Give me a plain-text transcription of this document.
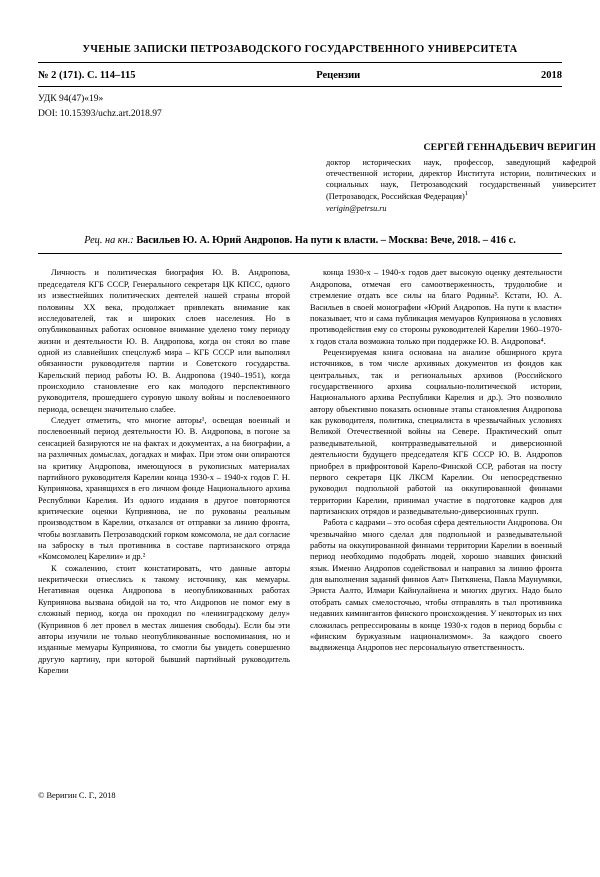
УЧЕНЫЕ ЗАПИСКИ ПЕТРОЗАВОДСКОГО ГОСУДАРСТВЕННОГО УНИВЕРСИТЕТА
№ 2 (171). С. 114–115	Рецензии	2018
УДК 94(47)«19»
DOI: 10.15393/uchz.art.2018.97
СЕРГЕЙ ГЕННАДЬЕВИЧ ВЕРИГИН
доктор исторических наук, профессор, заведующий кафедрой отечественной истории, директор Института истории, политических и социальных наук, Петрозаводский государственный университет (Петрозаводск, Российская Федерация)$^1$
verigin@petrsu.ru
Рец. на кн.: Васильев Ю. А. Юрий Андропов. На пути к власти. – Москва: Вече, 2018. – 416 с.

Личность и политическая биография Ю. В. Андропова, председателя КГБ СССР, Генерального секретаря ЦК КПСС, одного из известнейших политических деятелей нашей страны второй половины XX века, продолжает привлекать внимание как исследователей, так и широких слоев населения. Но в опубликованных работах основное внимание уделено тому периоду жизни и деятельности Ю. В. Андропова, когда он стоял во главе одной из славнейших спецслужб мира – КГБ СССР или выполнял обязанности руководителя партии и Советского государства. Карельский период работы Ю. В. Андропова (1940–1951), когда происходило становление его как молодого перспективного руководителя, прошедшего суровую школу войны и послевоенного периода, освещен значительно слабее.

Следует отметить, что многие авторы¹, освещая военный и послевоенный период деятельности Ю. В. Андропова, в погоне за сенсацией базируются не на фактах и документах, а на биографии, а на различных домыслах, догадках и мифах. При этом они опираются на критику Андропова, имеющуюся в рукописных материалах партийного руководителя Карелии конца 1930-х – 1940-х годов Г. Н. Куприянова, хранящихся в его личном фонде Национального архива Республики Карелия. Из одного издания в другое повторяются критические оценки Куприянова, не по рукованы реальным производством в Карелии, отказался от отправки за линию фронта, чтобы возглавить Петрозаводский горком комсомола, не дал согласие на заброску в тыл противника в составе партизанского отряда «Комсомолец Карелии» и др.²

К сожалению, стоит констатировать, что данные авторы некритически отнеслись к такому источнику, как мемуары. Негативная оценка Андропова в неопубликованных работах Куприянова вызвана обидой на то, что Андропов не помог ему в сложный период, когда он проходил по «ленинградскому делу» (Куприянов 6 лет провел в местах лишения свободы). Если бы эти авторы изучили не только неопубликованные воспоминания, но и изданные мемуары Куприянова, то смогли бы увидеть совершенно другую картину, при которой бывший партийный руководитель Карелии

конца 1930-х – 1940-х годов дает высокую оценку деятельности Андропова, отмечая его самоотверженность, трудолюбие и стремление отдать все силы на благо Родины³. Кстати, Ю. А. Васильев в своей монографии «Юрий Андропов. На пути к власти» показывает, что и сама публикация мемуаров Куприянова в условиях противодействия ему со стороны руководителей Карелии 1960–1970-х годов стала возможна только при поддержке Ю. В. Андропова⁴.

Рецензируемая книга основана на анализе обширного круга источников, в том числе архивных документов из фондов как центральных, так и региональных архивов (Российского государственного архива социально-политической истории, Национального архива Республики Карелия и др.). Это позволило автору объективно показать основные этапы становления Андропова как руководителя, политика, специалиста в чрезвычайных условиях Великой Отечественной войны на Севере. Практический опыт разведывательной, контрразведывательной и диверсионной деятельности будущего председателя КГБ СССР Ю. В. Андропов приобрел в прифронтовой Карело-Финской ССР, работая на посту первого секретаря ЦК ЛКСМ Карелии. Он непосредственно руководил подпольной работой на оккупированной финнами территории Карелии, принимал участие в подготовке кадров для партизанских отрядов и разведывательно-диверсионных групп.

Работа с кадрами – это особая сфера деятельности Андропова. Он чрезвычайно много сделал для подпольной и разведывательной работы на оккупированной финнами территории Карелии в военный период необходимо подобрать людей, хорошо знавших финский язык. Именно Андропов содействовал и направил за линию фронта для выполнения заданий финнов Аат» Питкянена, Павла Маунумяки, Эрнста Аалто, Илмари Кайнулайнена и многих других. Надо было отобрать самых смелосточью, чтобы отправлять в тыл противника недавних кимнигантов финского происхождения. У некоторых из них сложилась репрессированы в конце 1930-х годов в период борьбы с «финским буржуазным национализмом». За каждого своего выдвиженца Андропов нес персональную ответственность.

© Веригин С. Г., 2018
